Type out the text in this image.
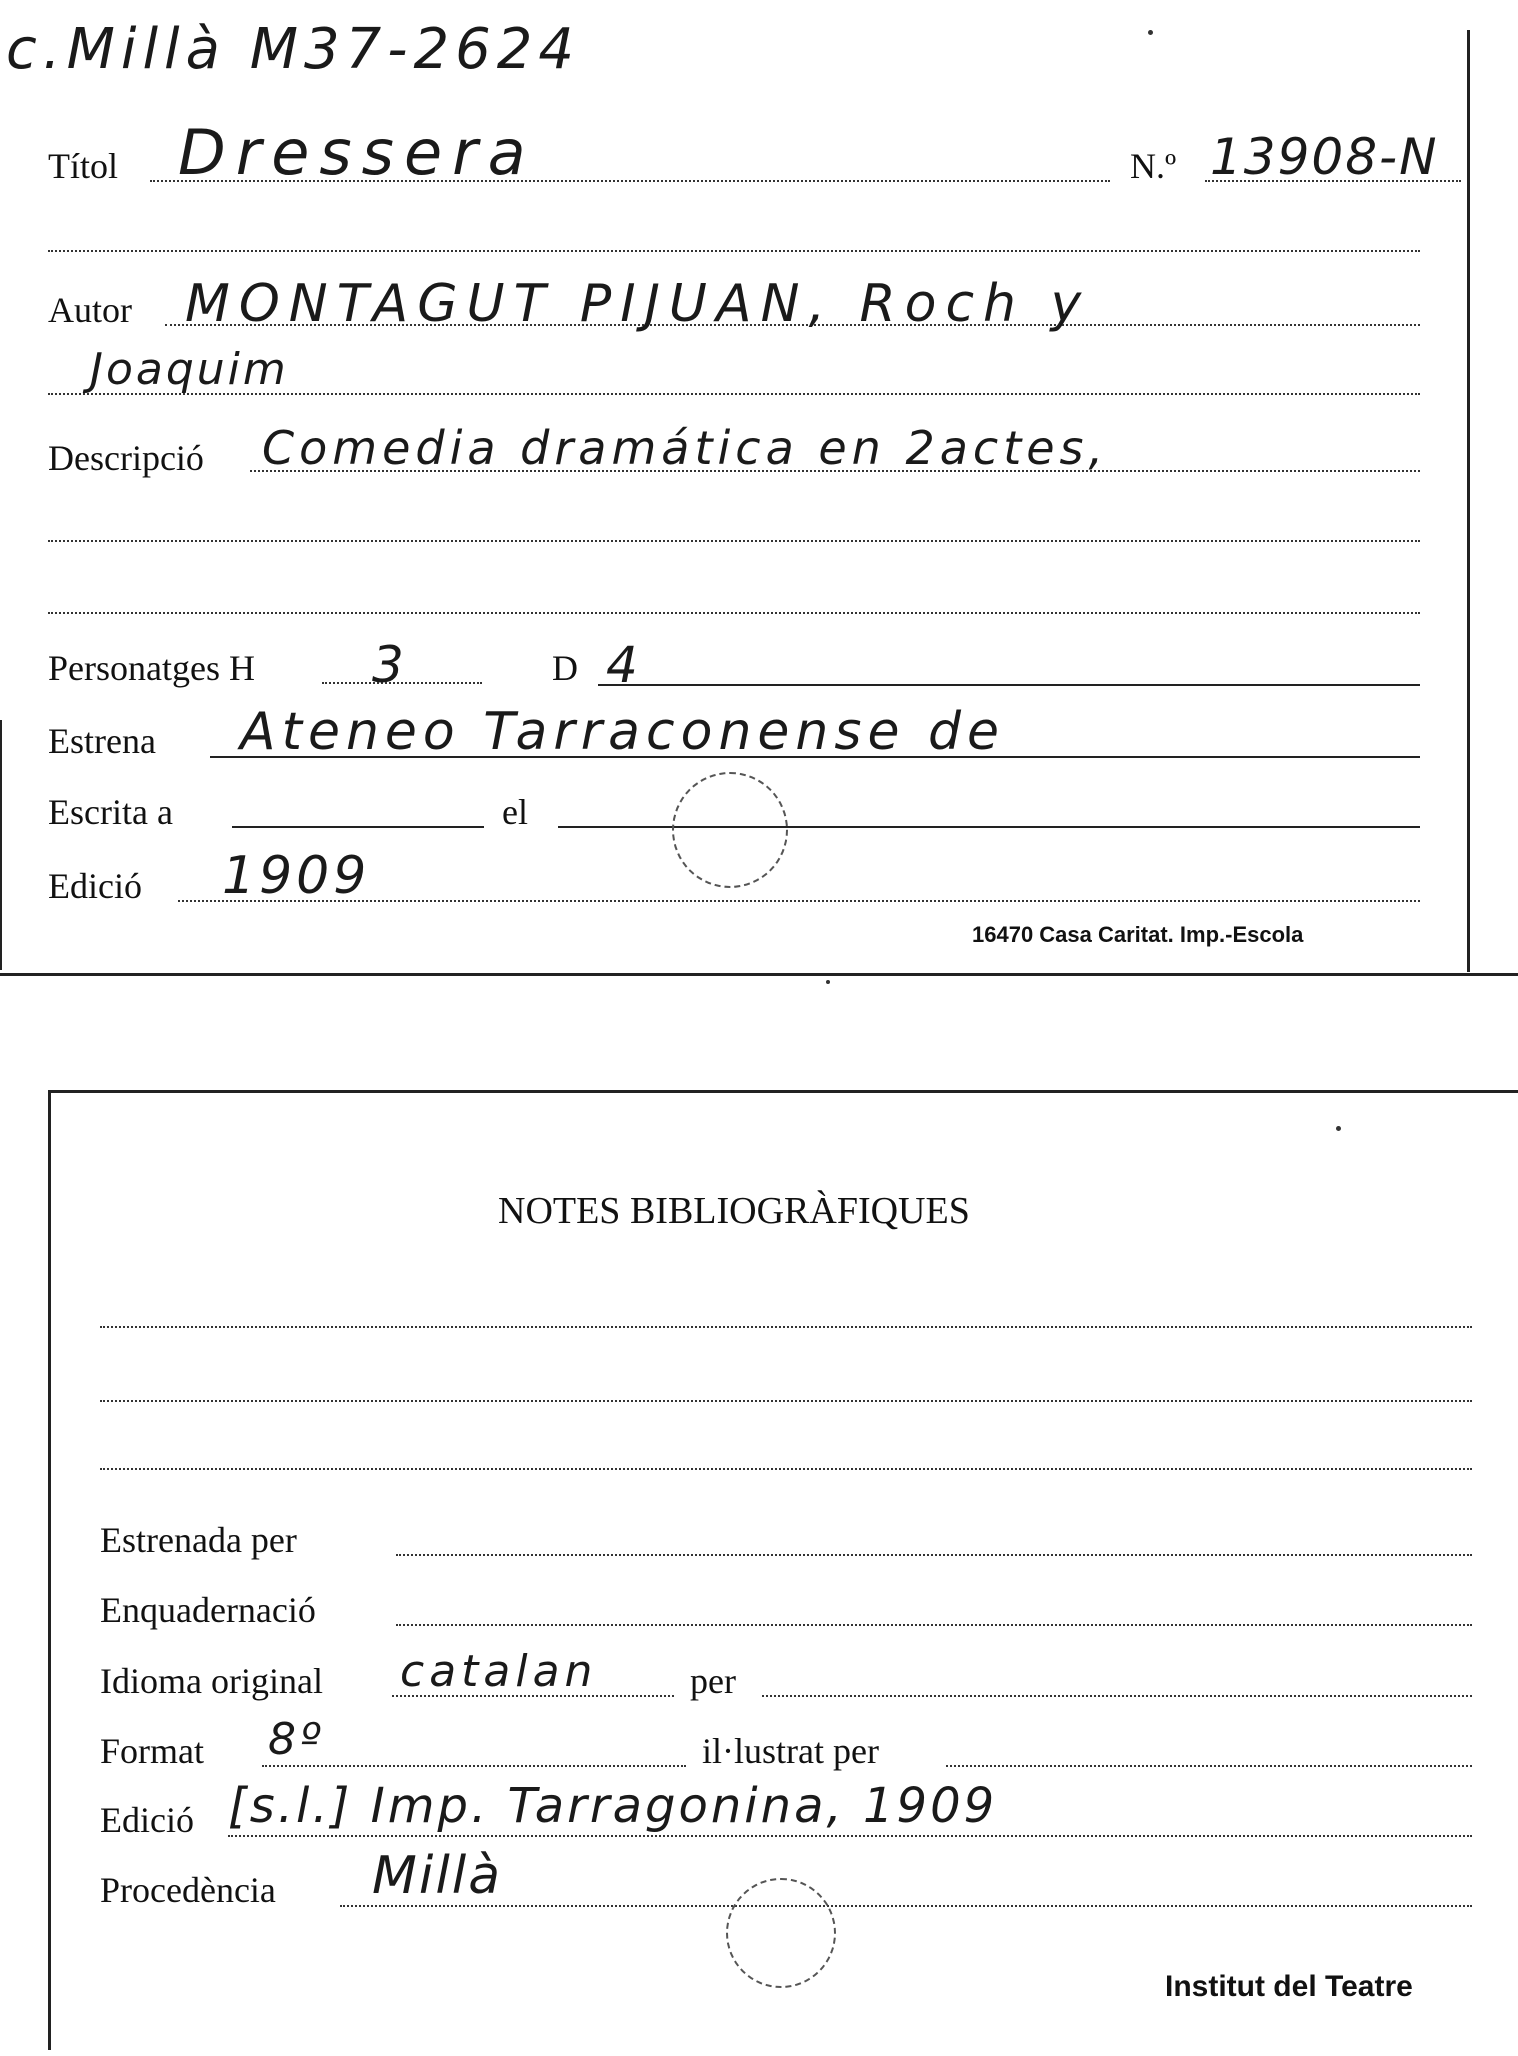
c.Millà M37-2624
Títol Dressera	N.º 13908-N
Autor MONTAGUT PIJUAN, Roch y
Joaquim
Descripció Comedia dramática en 2actes,
Personatges H 3	D 4
Estrena Ateneo Tarraconense de
Escrita a	el
Edició 1909
16470 Casa Caritat. Imp.-Escola
NOTES BIBLIOGRÀFIQUES
Estrenada per
Enquadernació
Idioma original catalan	per
Format 8º	il·lustrat per
Edició [s.l.] Imp. Tarragonina, 1909
Procedència Millà
Institut del Teatre
